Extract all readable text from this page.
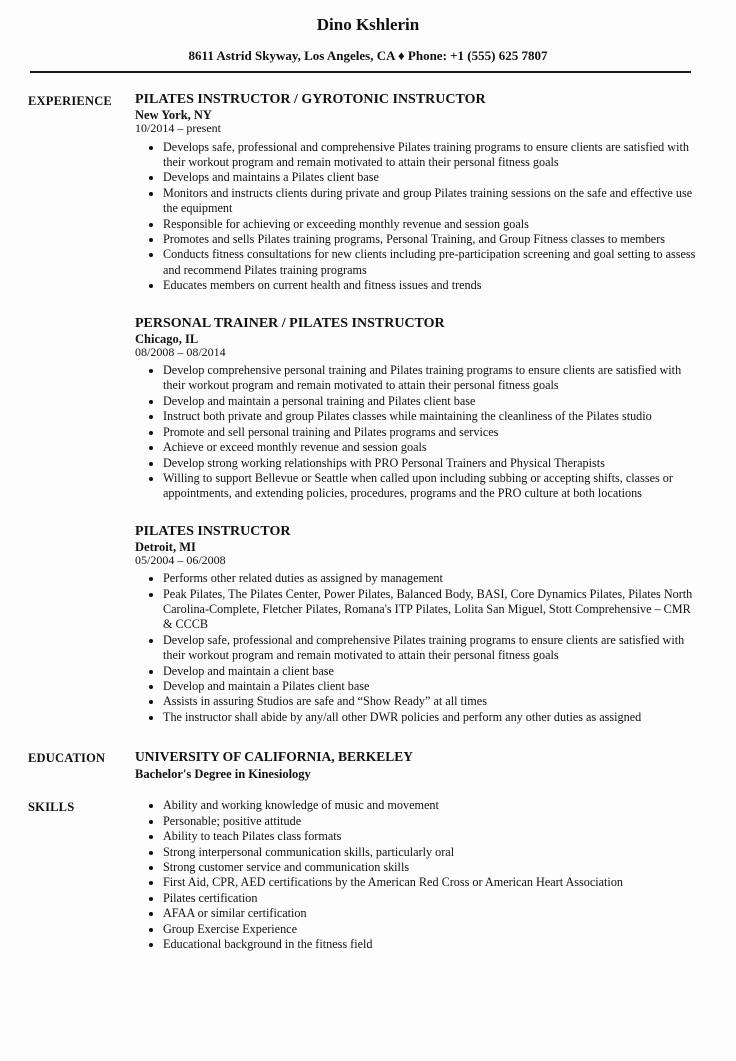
Dino Kshlerin
8611 Astrid Skyway, Los Angeles, CA ♦ Phone: +1 (555) 625 7807
EXPERIENCE	PILATES INSTRUCTOR / GYROTONIC INSTRUCTOR
New York, NY
10/2014 – present
• Develops safe, professional and comprehensive Pilates training programs to ensure clients are satisfied with their workout program and remain motivated to attain their personal fitness goals
• Develops and maintains a Pilates client base
• Monitors and instructs clients during private and group Pilates training sessions on the safe and effective use the equipment
• Responsible for achieving or exceeding monthly revenue and session goals
• Promotes and sells Pilates training programs, Personal Training, and Group Fitness classes to members
• Conducts fitness consultations for new clients including pre-participation screening and goal setting to assess and recommend Pilates training programs
• Educates members on current health and fitness issues and trends
PERSONAL TRAINER / PILATES INSTRUCTOR
Chicago, IL
08/2008 – 08/2014
• Develop comprehensive personal training and Pilates training programs to ensure clients are satisfied with their workout program and remain motivated to attain their personal fitness goals
• Develop and maintain a personal training and Pilates client base
• Instruct both private and group Pilates classes while maintaining the cleanliness of the Pilates studio
• Promote and sell personal training and Pilates programs and services
• Achieve or exceed monthly revenue and session goals
• Develop strong working relationships with PRO Personal Trainers and Physical Therapists
• Willing to support Bellevue or Seattle when called upon including subbing or accepting shifts, classes or appointments, and extending policies, procedures, programs and the PRO culture at both locations
PILATES INSTRUCTOR
Detroit, MI
05/2004 – 06/2008
• Performs other related duties as assigned by management
• Peak Pilates, The Pilates Center, Power Pilates, Balanced Body, BASI, Core Dynamics Pilates, Pilates North Carolina-Complete, Fletcher Pilates, Romana's ITP Pilates, Lolita San Miguel, Stott Comprehensive – CMR & CCCB
• Develop safe, professional and comprehensive Pilates training programs to ensure clients are satisfied with their workout program and remain motivated to attain their personal fitness goals
• Develop and maintain a client base
• Develop and maintain a Pilates client base
• Assists in assuring Studios are safe and “Show Ready” at all times
• The instructor shall abide by any/all other DWR policies and perform any other duties as assigned
EDUCATION	UNIVERSITY OF CALIFORNIA, BERKELEY
Bachelor's Degree in Kinesiology
SKILLS	• Ability and working knowledge of music and movement
• Personable; positive attitude
• Ability to teach Pilates class formats
• Strong interpersonal communication skills, particularly oral
• Strong customer service and communication skills
• First Aid, CPR, AED certifications by the American Red Cross or American Heart Association
• Pilates certification
• AFAA or similar certification
• Group Exercise Experience
• Educational background in the fitness field
